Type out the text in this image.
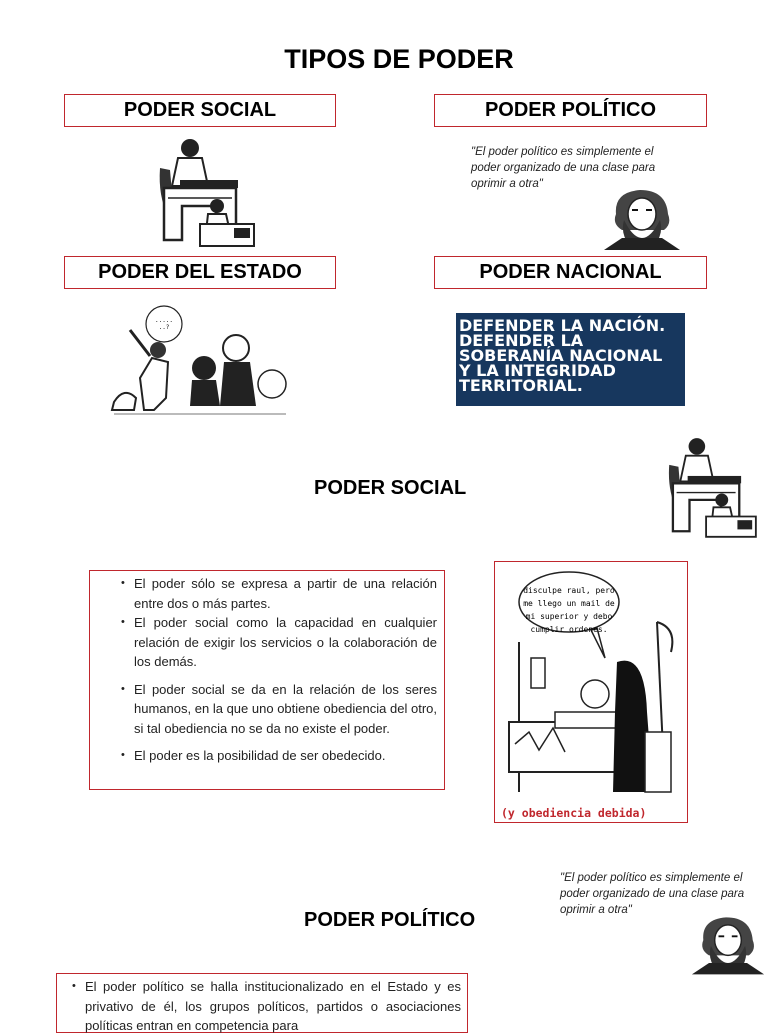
TIPOS DE PODER
PODER SOCIAL	PODER POLÍTICO
PODER DEL ESTADO	PODER NACIONAL
"El poder político es simplemente el
poder organizado de una clase para
oprimir a otra"
.....
..?	DEFENDER LA NACIÓN.
DEFENDER LA
SOBERANÍA NACIONAL
Y LA INTEGRIDAD
TERRITORIAL.
PODER SOCIAL
• El poder sólo se expresa a partir de una relación entre dos o más partes.
• El poder social como la capacidad en cualquier relación de exigir los servicios o la colaboración de los demás.
• El poder social se da en la relación de los seres humanos, en la que uno obtiene obediencia del otro, si tal obediencia no se da no existe el poder.
• El poder es la posibilidad de ser obedecido.
disculpe raul, pero
me llego un mail de
mi superior y debo
cumplir ordenes.
(y obediencia debida)
PODER POLÍTICO
"El poder político es simplemente el
poder organizado de una clase para
oprimir a otra"
• El poder político se halla institucionalizado en el Estado y es privativo de él, los grupos políticos, partidos o asociaciones políticas entran en competencia para
